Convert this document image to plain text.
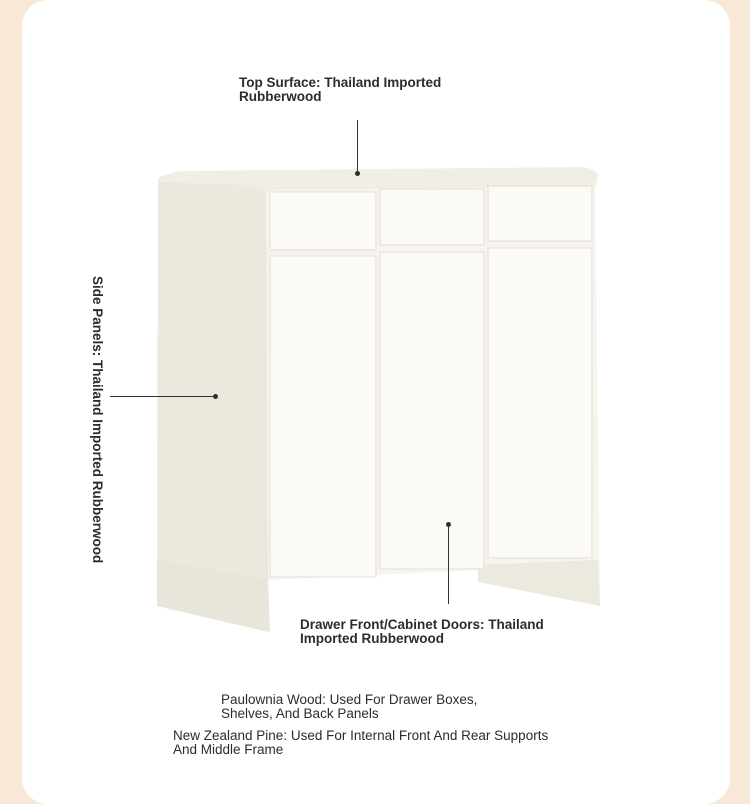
Top Surface: Thailand Imported Rubberwood
Side Panels: Thailand Imported Rubberwood
Drawer Front/Cabinet Doors: Thailand Imported Rubberwood
Paulownia Wood: Used For Drawer Boxes, Shelves, And Back Panels
New Zealand Pine: Used For Internal Front And Rear Supports And Middle Frame
